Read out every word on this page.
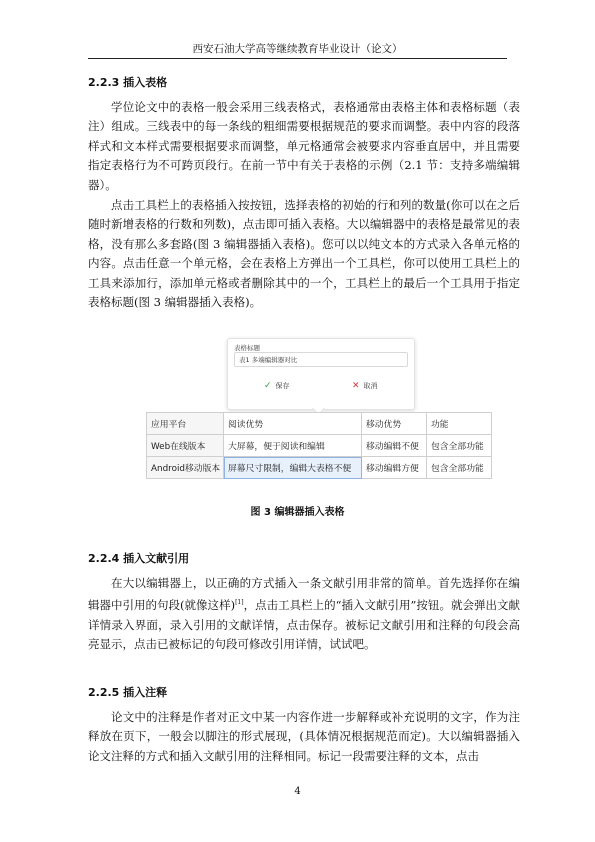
西安石油大学高等继续教育毕业设计（论文）
2.2.3 插入表格
学位论文中的表格一般会采用三线表格式，表格通常由表格主体和表格标题（表注）组成。三线表中的每一条线的粗细需要根据规范的要求而调整。表中内容的段落样式和文本样式需要根据要求而调整，单元格通常会被要求内容垂直居中，并且需要指定表格行为不可跨页段行。在前一节中有关于表格的示例（2.1 节：支持多端编辑器）。
点击工具栏上的表格插入按按钮，选择表格的初始的行和列的数量(你可以在之后随时新增表格的行数和列数)，点击即可插入表格。大以编辑器中的表格是最常见的表格，没有那么多套路(图 3 编辑器插入表格)。您可以以纯文本的方式录入各单元格的内容。点击任意一个单元格，会在表格上方弹出一个工具栏，你可以使用工具栏上的工具来添加行，添加单元格或者删除其中的一个，工具栏上的最后一个工具用于指定表格标题(图 3 编辑器插入表格)。
表格标题
表1 多端编辑器对比
✓ 保存	✕ 取消
应用平台	阅读优势	移动优势	功能
Web在线版本	大屏幕，便于阅读和编辑	移动编辑不便	包含全部功能
Android移动版本	屏幕尺寸限制，编辑大表格不便	移动编辑方便	包含全部功能
图 3 编辑器插入表格
2.2.4 插入文献引用
在大以编辑器上，以正确的方式插入一条文献引用非常的简单。首先选择你在编辑器中引用的句段(就像这样)[1]，点击工具栏上的“插入文献引用”按钮。就会弹出文献详情录入界面，录入引用的文献详情，点击保存。被标记文献引用和注释的句段会高亮显示，点击已被标记的句段可修改引用详情，试试吧。
2.2.5 插入注释
论文中的注释是作者对正文中某一内容作进一步解释或补充说明的文字，作为注释放在页下，一般会以脚注的形式展现，(具体情况根据规范而定)。大以编辑器插入论文注释的方式和插入文献引用的注释相同。标记一段需要注释的文本，点击
4
